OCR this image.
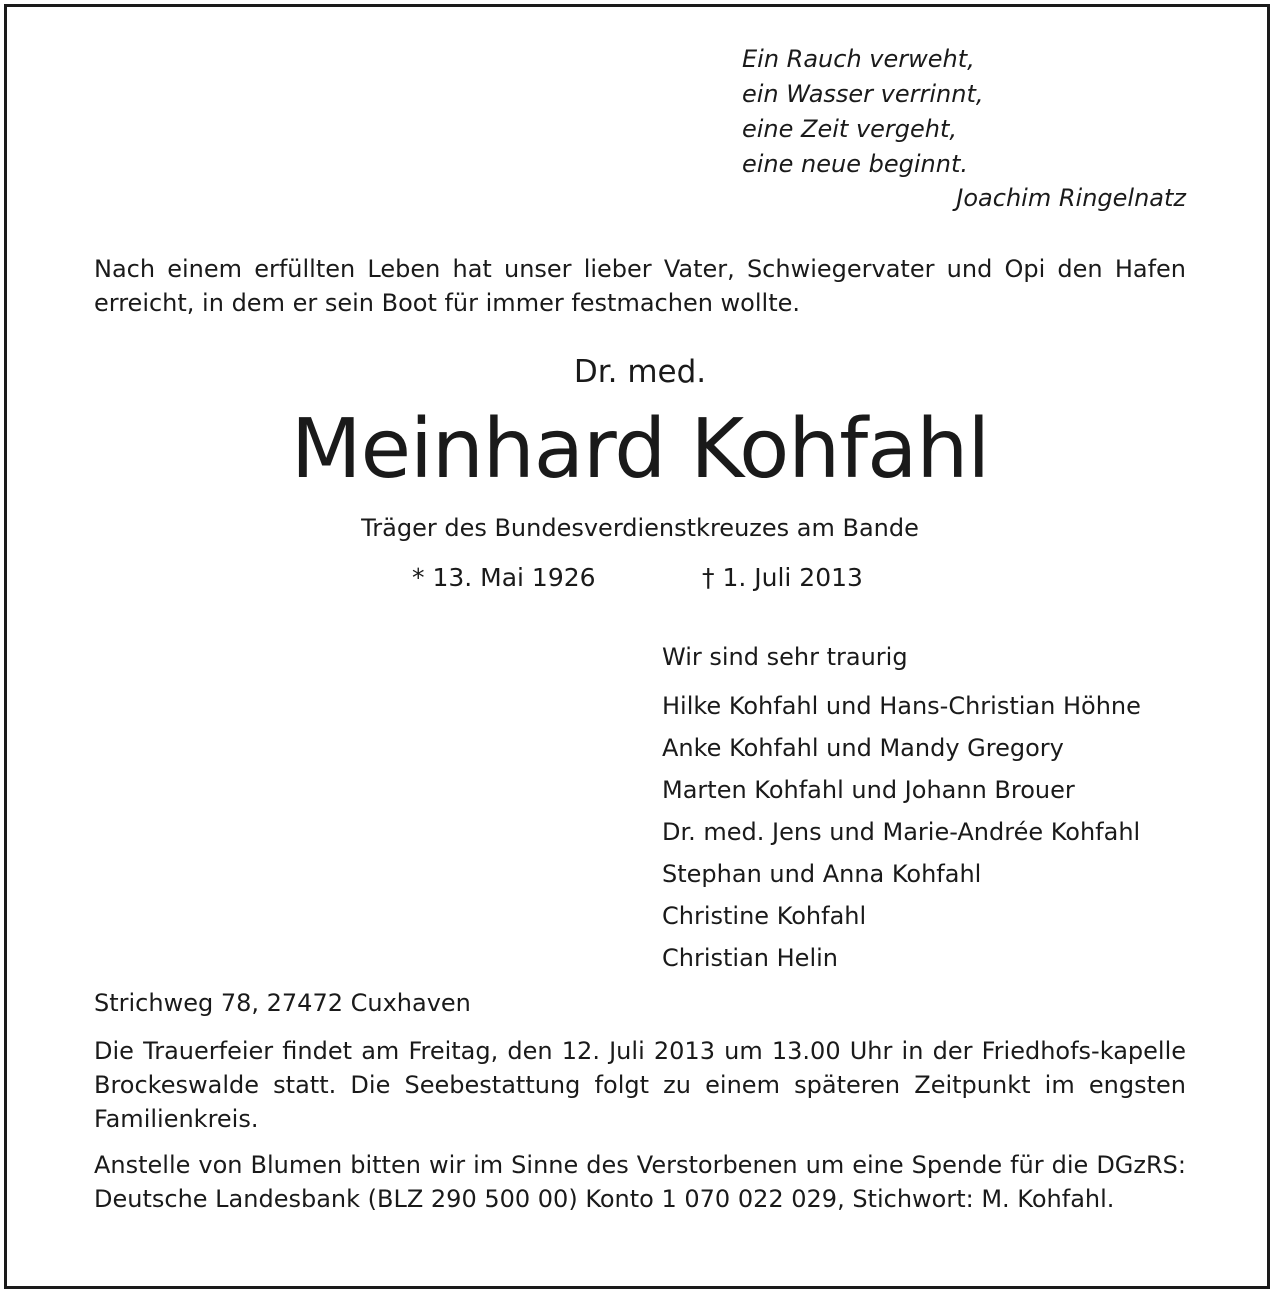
Ein Rauch verweht,
ein Wasser verrinnt,
eine Zeit vergeht,
eine neue beginnt.
Joachim Ringelnatz
Nach einem erfüllten Leben hat unser lieber Vater, Schwiegervater und Opi den Hafen erreicht, in dem er sein Boot für immer festmachen wollte.
Dr. med.
Meinhard Kohfahl
Träger des Bundesverdienstkreuzes am Bande
* 13. Mai 1926	† 1. Juli 2013
Wir sind sehr traurig
Hilke Kohfahl und Hans-Christian Höhne
Anke Kohfahl und Mandy Gregory
Marten Kohfahl und Johann Brouer
Dr. med. Jens und Marie-Andrée Kohfahl
Stephan und Anna Kohfahl
Christine Kohfahl
Christian Helin
Strichweg 78, 27472 Cuxhaven
Die Trauerfeier findet am Freitag, den 12. Juli 2013 um 13.00 Uhr in der Friedhofs-kapelle Brockeswalde statt. Die Seebestattung folgt zu einem späteren Zeitpunkt im engsten Familienkreis.
Anstelle von Blumen bitten wir im Sinne des Verstorbenen um eine Spende für die DGzRS: Deutsche Landesbank (BLZ 290 500 00) Konto 1 070 022 029, Stichwort: M. Kohfahl.
